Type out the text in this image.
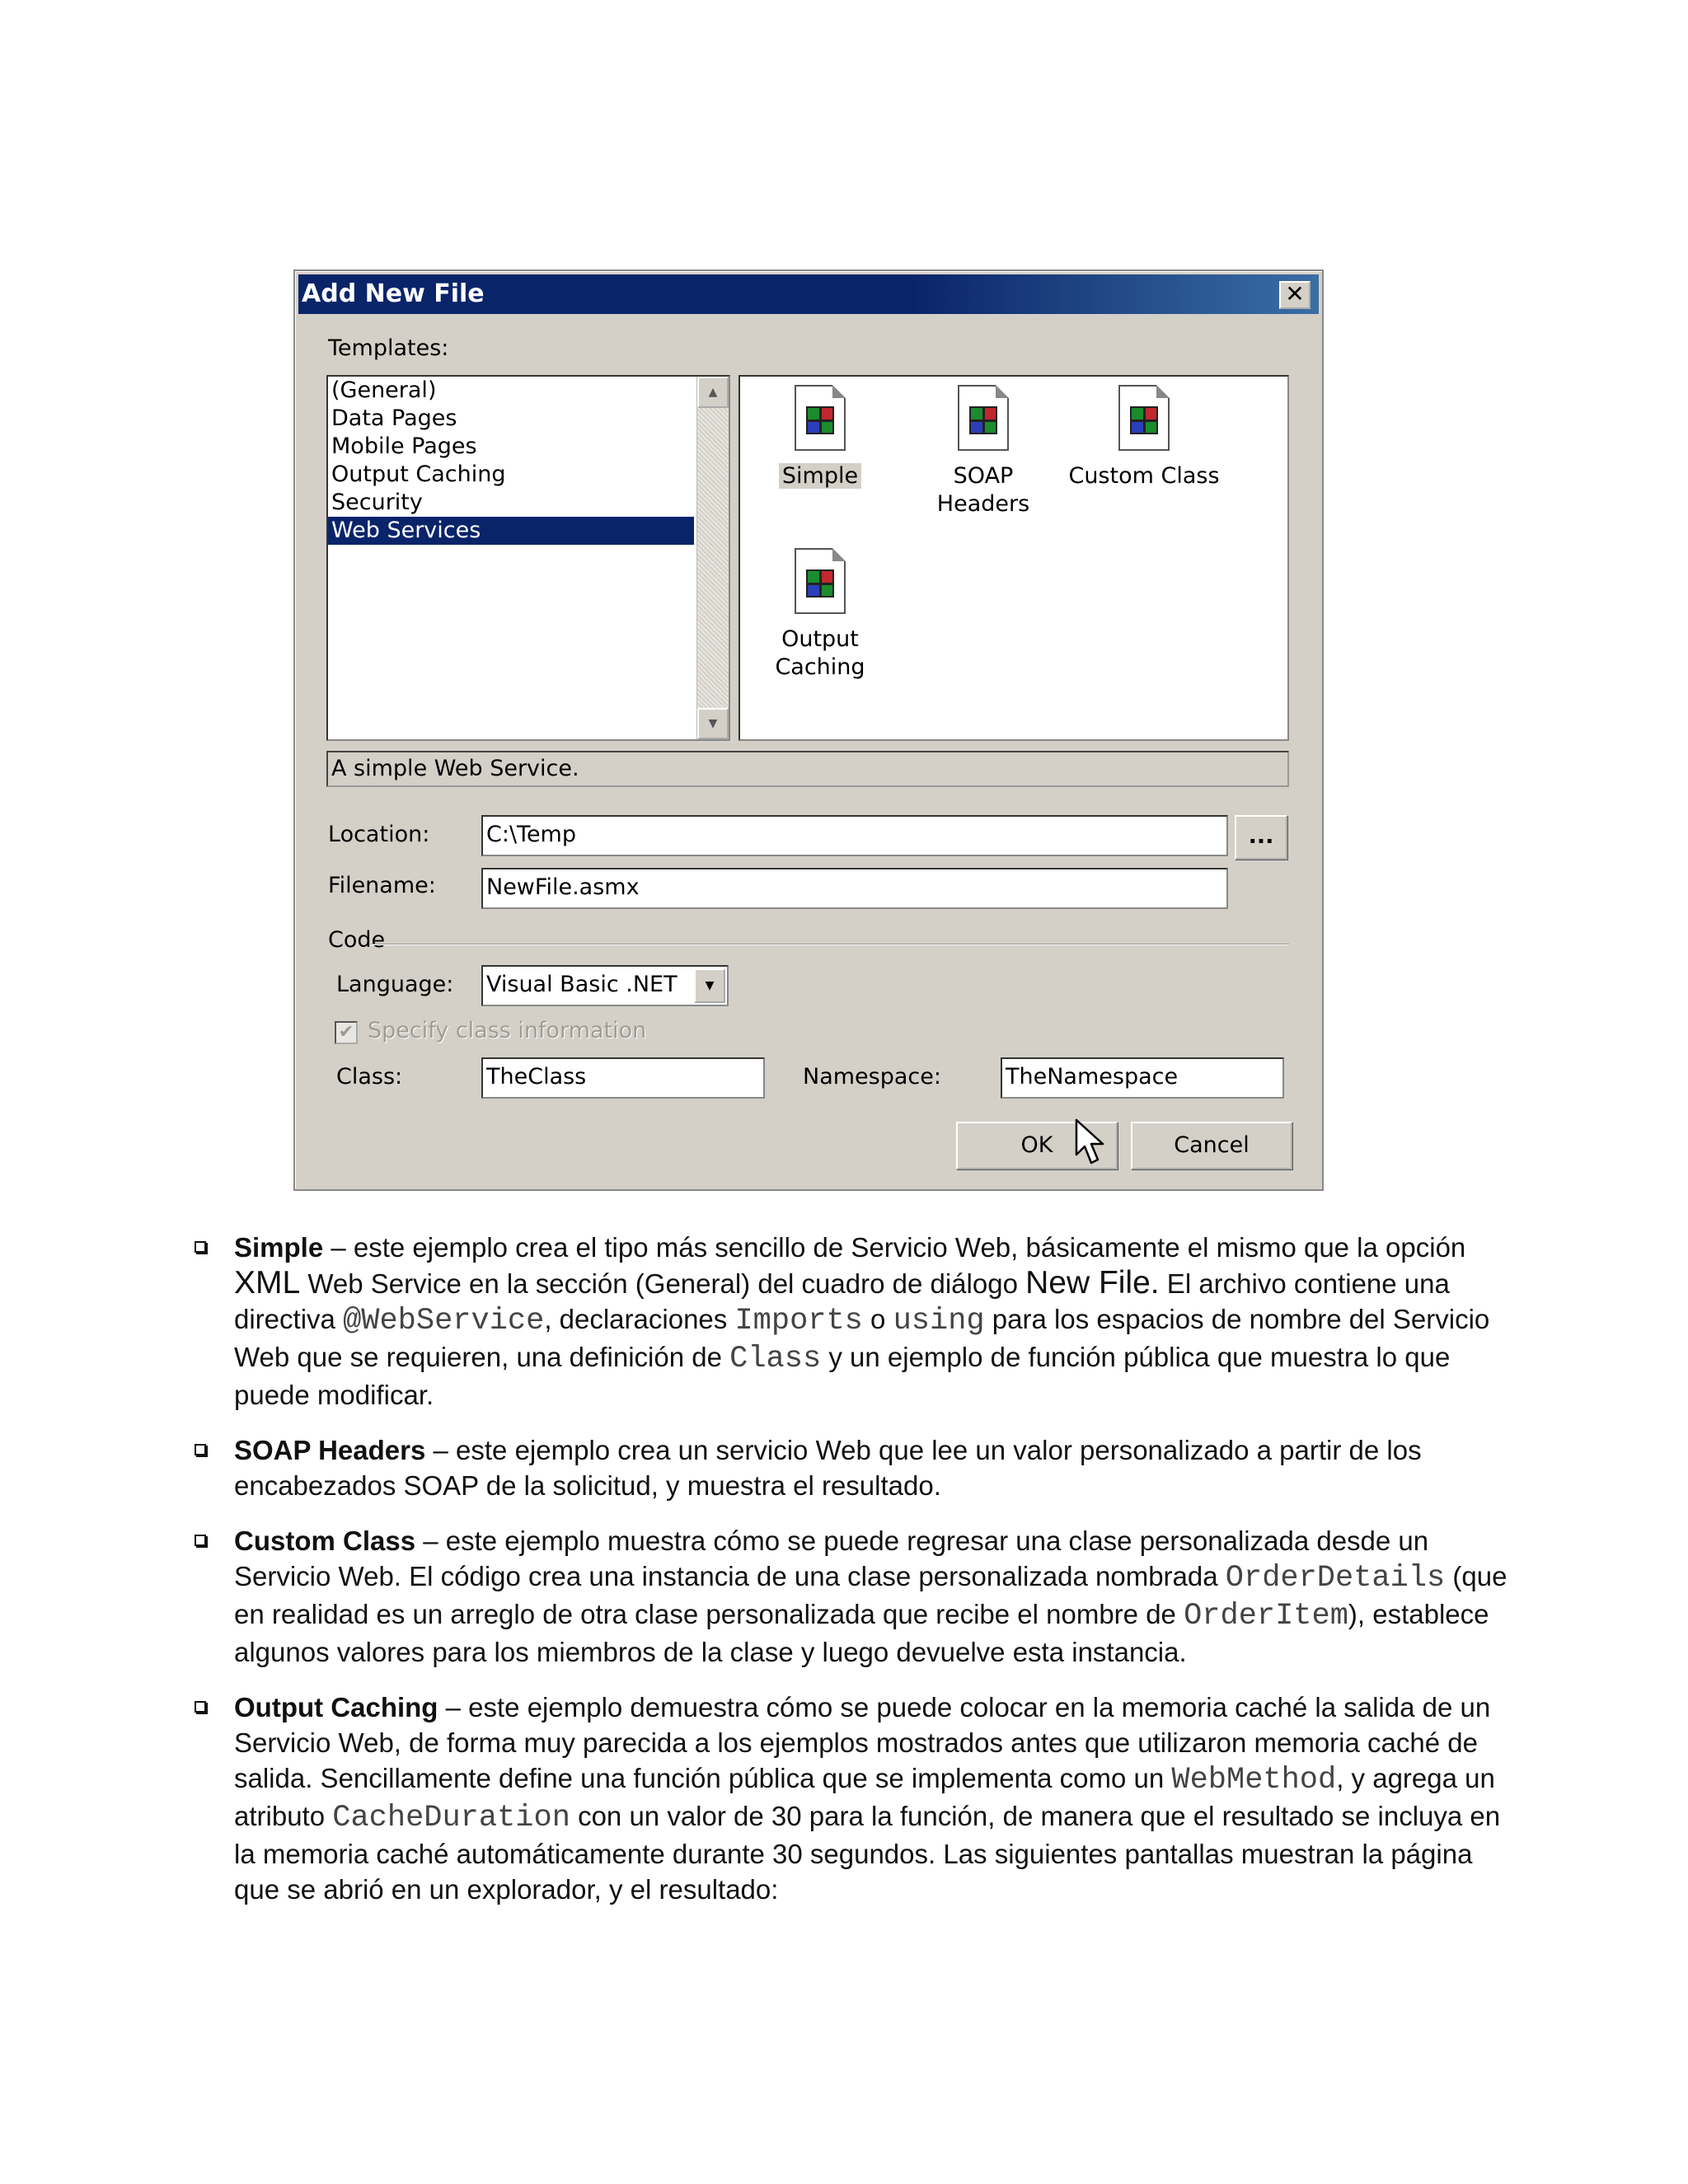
Add New File	✕
Templates:
(General)
Data Pages
Mobile Pages
Output Caching
Security
Web Services
▲
▼
Simple	SOAP Headers
Custom Class
Output
Caching
A simple Web Service.
Location:	C:\Temp	...
Filename: NewFile.asmx
Code
Language: Visual Basic .NET	▼
✔ Specify class information
Class:	TheClass	Namespace:	TheNamespace
OK	Cancel
Simple – este ejemplo crea el tipo más sencillo de Servicio Web, básicamente el mismo que la opción XML Web Service en la sección (General) del cuadro de diálogo New File. El archivo contiene una directiva @WebService, declaraciones Imports o using para los espacios de nombre del Servicio Web que se requieren, una definición de Class y un ejemplo de función pública que muestra lo que puede modificar.
SOAP Headers – este ejemplo crea un servicio Web que lee un valor personalizado a partir de los encabezados SOAP de la solicitud, y muestra el resultado.
Custom Class – este ejemplo muestra cómo se puede regresar una clase personalizada desde un Servicio Web. El código crea una instancia de una clase personalizada nombrada OrderDetails (que en realidad es un arreglo de otra clase personalizada que recibe el nombre de OrderItem), establece algunos valores para los miembros de la clase y luego devuelve esta instancia.
Output Caching – este ejemplo demuestra cómo se puede colocar en la memoria caché la salida de un Servicio Web, de forma muy parecida a los ejemplos mostrados antes que utilizaron memoria caché de salida. Sencillamente define una función pública que se implementa como un WebMethod, y agrega un atributo CacheDuration con un valor de 30 para la función, de manera que el resultado se incluya en la memoria caché automáticamente durante 30 segundos. Las siguientes pantallas muestran la página que se abrió en un explorador, y el resultado:
